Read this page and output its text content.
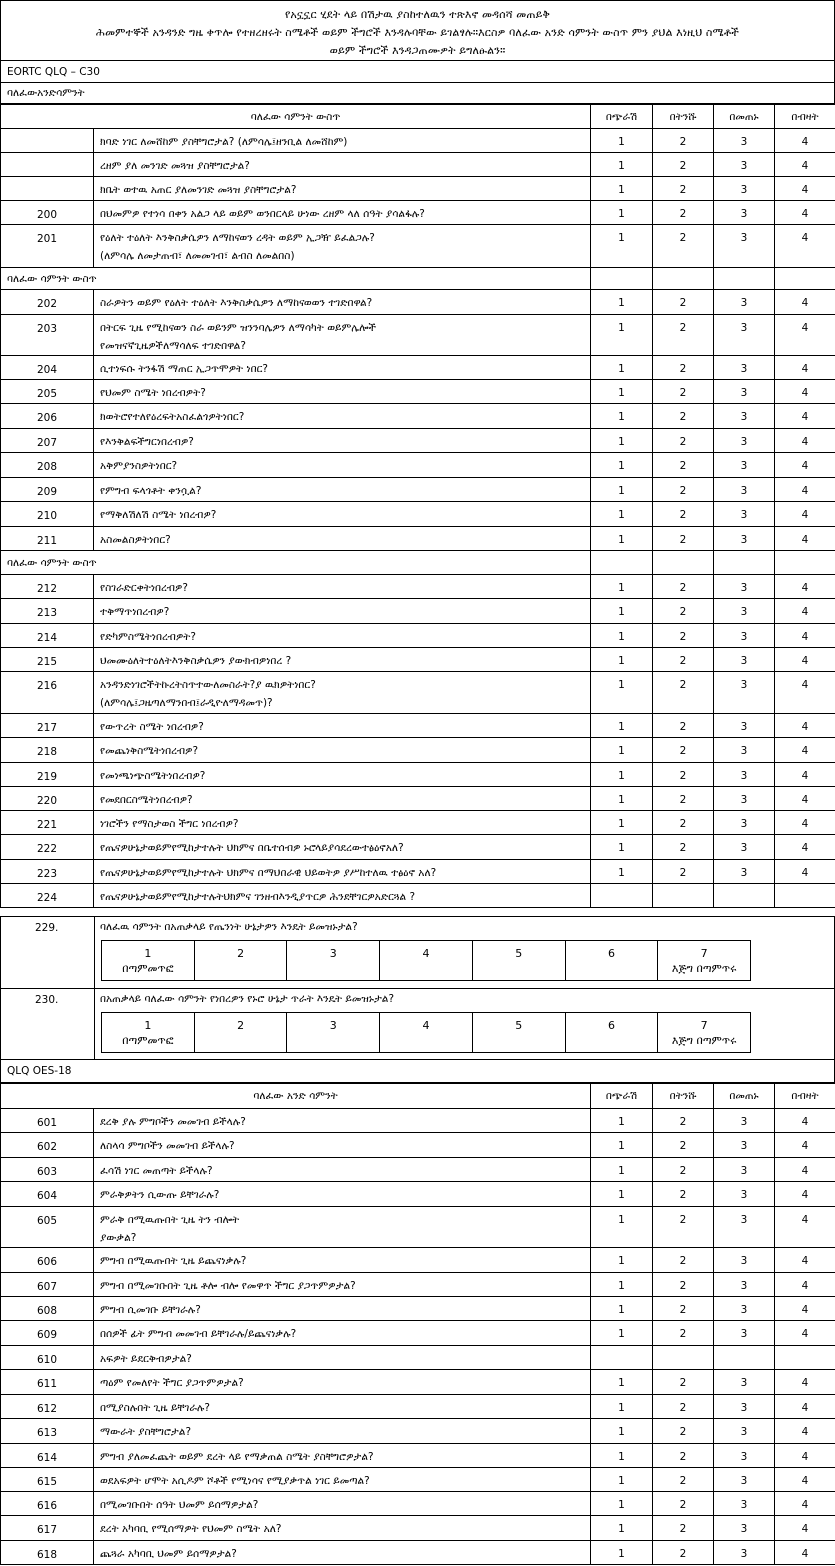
የአኗኗር ሂደት ላይ በሽታዉ ያስከተለዉን ተጽእኖ መዳሰሻ መጠይቅ
ሕመምተኞች አንዳንድ ግዜ ቀጥሎ የተዘረዘሩት ስሜቶች ወይም ችግሮች እንዳሉባቸው ይገልፃሉ።እርስዎ ባለፈው አንድ ሳምንት ውስጥ ምን ያህል እነዚህ ስሜቶች
ወይም ችግሮች እንዳጋጠሙዎት ይግለፁልን።
EORTC QLQ – C30
ባለፈውአንድሳምንት
ባለፈው ሳምንት ውስጥ		በጭራሽ	በትንሹ	በመጠኑ	በብዛት

	ክባድ ነገር ለመሸከም ያስቸግሮታል? (ለምሳሌ፤ዘንቢል ለመሸከም)	1	2	3	4

	ረዘም ያለ መንገድ መጓዝ ያስቸግሮታል?	1	2	3	4

	ክቤት ወተዉ አጠር ያለመንገድ መጓዝ ያስቸግሮታል?	1	2	3	4
200	በህመምዎ የተነሳ በቀን አልጋ ላይ ወይም ወንበርላይ ሁነው ረዘም ላለ ሰዓት ያሳልፋሉ?	1	2	3	4
201	የዕለት ተዕለት እንቅስቃሴዎን ለማከናወን ረዳት ወይም ኢጋዥ ይፈልጋሉ?
(ለምሳሌ ለመታጠብ፣ ለመመገብ፣ ልብስ ለመልበስ)	1	2	3	4
ባለፈው ሳምንት ውስጥ					
202	ስራዎትን ወይም የዕለት ተዕለት እንቅስቃሴዎን ለማከናወወን ተገድበዋል?	1	2	3	4
203	በትርፍ ጊዜ የሚከናወን ስራ ወይንም ዝንንባሌዎን ለማሳካት ወይምሌሎች
የመዝናኛጊዜዎችለማሳለፍ ተገድበዋል?	1	2	3	4
204	ሲተነፍሱ ትንፋሽ ማጠር ኢጋጥሞዎት ነበር?	1	2	3	4
205	የህመም ስሜት ነበረብዎት?	1	2	3	4
206	ክወትሮየተለየዕረፍትአስፈልጎዎትነበር?	1	2	3	4
207	የእንቅልፍችግርነበረብዎ?	1	2	3	4
208	አቅምያንስዎትነበር?	1	2	3	4
209	የምግብ ፍላጎቶት ቀንሷል?	1	2	3	4
210	የማቅለሽለሽ ስሜት ነበረብዎ?	1	2	3	4
211	አስመልስዎትነበር?	1	2	3	4
ባለፈው ሳምንት ውስጥ					
212	የስገራድርቀትነበረብዎ?	1	2	3	4
213	ተቅማጥነበረብዎ?	1	2	3	4
214	የድካምስሜትነበረብዎት?	1	2	3	4
215	ህመሙዕለትተዕለትእንቅስቃሴዎን ያውክብዎነበረ ?	1	2	3	4
216	አንዳንድነገሮችትኩረትስጥተውለመስራት?ያ ዉክዎትነበር?
(ለምሳሌ፤ጋዜጣለማንበብ፤ራዲዮለማዳመጥ)?	1	2	3	4
217	የውጥረት ስሜት ነበረብዎ?	1	2	3	4
218	የመጨነቅስሜትነበረብዎ?	1	2	3	4
219	የመነጫነጭስሜትነበረብዎ?	1	2	3	4
220	የመደበርስሜትነበረብዎ?	1	2	3	4
221	ነገሮችን የማስታወስ ችግር ነበረብዎ?	1	2	3	4
222	የጤናዎሁኔታወይምየሚከታተሉት ህክምና በቤተሰብዎ ኑሮላይያሳደረውተፅዕኖአለ?	1	2	3	4
223	የጤናዎሁኔታወይምየሚከታተሉት ህክምና በማህበራዊ ህይወትዎ ያሥከተለዉ ተፅዕኖ አለ?	1	2	3	4
224	የጤናዎሁኔታወይምየሚከታተሉትህክምና ገንዘብእንዲያጥርዎ ሕንደቸገርዎአድርጓል ?				

229.	ባለፈዉ ሳምንት በአጠቃላይ የጤንነት ሁኔታዎን እንዴት ይመዝኑታል?
1
በጣምመጥፎ
2	3	4	5	6	7
እጅግ በጣምጥሩ
230.	በአጠቃላይ ባለፈው ሳምንት የነበረዎን የኑሮ ሁኔታ ጥራት እንዴት ይመዝኑታል?
1
በጣምመጥፎ
2	3	4	5	6	7
እጅግ በጣምጥሩ
QLQ OES-18
ባለፈው አንድ ሳምንት		በጭራሽ	በትንሹ	በመጠኑ	በብዛት
601	ደረቅ ያሉ ምግቦችን መመገብ ይችላሉ?	1	2	3	4
602	ለስላሳ ምግቦችን መመገብ ይችላሉ?	1	2	3	4
603	ፈሳሽ ነገር መጠጣት ይችላሉ?	1	2	3	4
604	ምራቅዎትን ሲውጡ ይቸገራሉ?	1	2	3	4
605	ምራቅ በሚዉጡበት ጊዜ ትን ብሎት
ያውቃል?	1	2	3	4
606	ምግብ በሚዉጡበት ጊዜ ይጨናነቃሉ?	1	2	3	4
607	ምግብ በሚመገቡበት ጊዜ ቶሎ ብሎ የመዋጥ ችግር ያጋጥምዎታል?	1	2	3	4
608	ምግብ ሲመገቡ ይቸገራሉ?	1	2	3	4
609	በሰዎች ፊት ምግብ መመገብ ይቸገራሉ/ይጨናነቃሉ?	1	2	3	4
610	አፍዎት ይደርቅብዎታል?				

611	ጣዕም የመለየት ችግር ያጋጥምዎታል?	1	2	3	4
612	በሚያስሉበት ጊዜ ይቸገራሉ?	1	2	3	4
613	ማውራት ያስቸግሮታል?	1	2	3	4
614	ምግብ ያለመፈጨት ወይም ደረት ላይ የማቃጠል ስሜት ያስቸግሮዎታል?	1	2	3	4
615	ወደአፍዎት ሆሞት አሲዶም ሾቶች የሚነሳና የሚያቃጥል ነገር ይመጣል?	1	2	3	4
616	በሚመገቡበት ሰዓት ህመም ይሰማዎታል?	1	2	3	4
617	ደረት አካባቢ የሚሰማዎት የህመም ስሜት አለ?	1	2	3	4
618	ጨጓራ አካባቢ ህመም ይሰማዎታል?	1	2	3	4
